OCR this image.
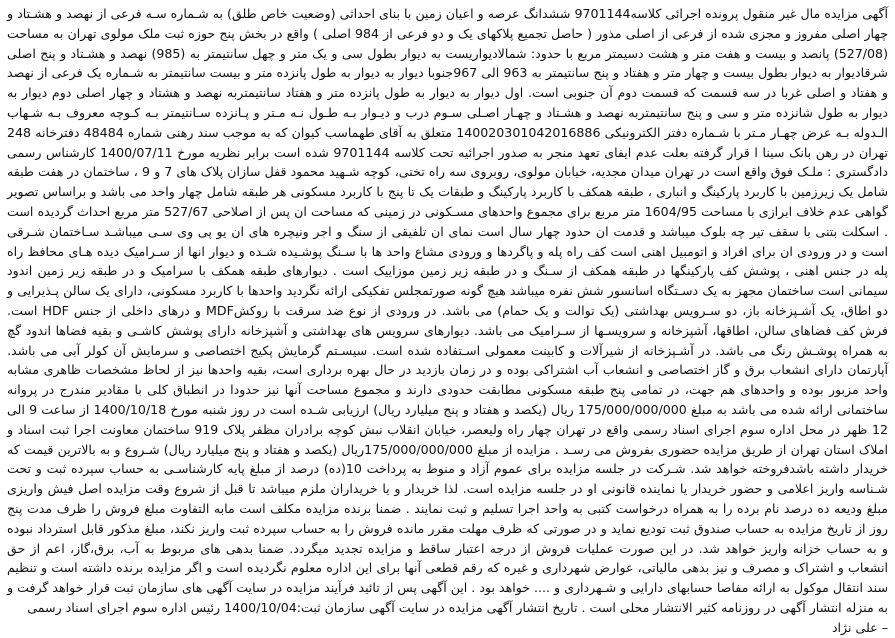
آگهی مزایده مال غیر منقول پرونده اجرائی کلاسه9701144 ششدانگ عرصه و اعیان زمین با بنای احداثی (وضعیت خاص طلق) به شـماره سـه فرعی از نهصد و هشـتاد و چهار اصلی مفروز و مجزی شده از فرعی از اصلی مذور ( حاصل تجمیع پلاکهای یک و دو فرعی از 984 اصلی ) واقع در بخش پنج حوزه ثبت ملک مولوی تهران به مساحت (527/08) پانصد و بیست و هفت متر و هشت دسیمتر مربع با حدود: شمالادیواریست به دیوار بطول سی و یک متر و چهل سانتیمتر به (985) نهصد و هشـتاد و پنج اصلی شرقادیوار به دیوار بطول بیست و چهار متر و هفتاد و پنج سانتیمتر به 963 الی 967جنوبا دیوار به دیوار به طول پانزده متر و بیست سانتیمتر به شـماره یک فرعی از نهصد و هفتاد و اصلی غربا در سه قسمت که قسمت دوم آن جنوبی است. اول دیوار به دیوار به طول پانزده متر و هفتاد سانتیمتربه نهصد و هشتاد و چهار اصلی دوم دیوار به دیوار به طول شانزده متر و سی و پنج سانتیمتربه نهصد و هشـتاد و چهـار اصـلی سـوم درب و دیـوار بـه طـول نـه مـتر و پـانزده سـانتیمتر بـه کـوچه معروف بـه شـهاب الـدوله بـه عرض چهـار مـتر با شـماره دفتر الکترونیکی 140020301042016886 متعلق به آقای طهماسب کیوان که به موجب سند رهنی شماره 48484 دفترخانه 248 تهران در رهن بانک سینا ا قرار گرفته بعلت عدم ایفای تعهد منجر به صدور اجرائیه تحت کلاسه 9701144 شده است برابر نظریه مورخ 1400/07/11 کارشناس رسمی دادگستری : ملـک فوق واقع است در تهران میدان مجدیه، خیابان مولوی، روبروی سه راه تختی، کوچه شـهید محمود قفل سازان پلاک های 7 و 9 ، ساختمان در هفت طبقه شامل یک زیرزمین با کاربرد پارکینگ و انباری ، طبقه همکف با کاربرد پارکینگ و طبقات یک تا پنج با کاربرد مسکونی هر طبقه شامل چهار واحد می باشد و براساس تصویر گواهی عدم خلاف ابرازی با مساحت 1604/95 متر مربع برای مجموع واحدهای مسـکونی در زمینی که مساحت ان پس از اصلاحی 527/67 متر مربع احداث گردیده است . اسکلت بتنی با سقف تیر چه بلوک میباشد و قدمت ان حدود چهار سال است نمای ان تلفیقی از سنگ و اجر ونیچره های ان یو پی وی سـی میباشـد سـاختمان شـرقی است و در ورودی ان برای افراد و اتومبیل اهنی است کف راه پله و پاگردها و ورودی مشاع واحد ها با سـنگ پوشـیده شـده و دیوار انها از سـرامیک دیده هـای محافظ راه پله در جنس اهنی ، پوشش کف پارکینگها در طبقه همکف از سـنگ و در طبقه زیر زمین موزاییک است . دیوارهای طبقه همکف با سرامیک و در طبقه زیر زمین اندود سیمانی است ساختمان مجهز به یک دسـتگاه اسانسور شش نفره میباشد هیچ گونه صورتمجلس تفکیکی ارائه نگردید واحدها با کاربرد مسکونی، دارای یک سالن پـذیرایی و دو اطاق، یک آشـپزخانه باز، دو سـرویس بهداشتی (یک توالت و یک حمام) می باشد. در ورودی از نوع ضد سرقت با روکشMDF و درهای داخلی از جنس HDF است. فرش کف فضاهای سالن، اطاقها، آشپزخانه و سرویسـها از سـرامیک می باشد. دیوارهای سرویس های بهداشتی و آشپزخانه دارای پوشش کاشـی و بقیه فضاها اندود گچ به همراه پوشـش رنگ می باشد. در آشـپزخانه از شیرآلات و کابینت معمولی اسـتفاده شده است. سیسـتم گرمایش پکیج اختصاصی و سرمایش آن کولر آبی می باشد. آپارتمان دارای انشعاب برق و گاز اختصاصی و انشعاب آب اشتراکی بوده و در زمان بازدید در حال بهره برداری است، بقیه واحدها نیز از لحاظ مشخصات ظاهری مشابه واحد مزبور بوده و واحدهای هم جهت، در تمامی پنج طبقه مسکونی مطابقت حدودی دارند و مجموع مساحت آنها نیز حدودا در انطباق کلی با مقادیر مندرج در پروانه ساختمانی ارائه شده می باشد به مبلغ 175/000/000/000 ریال (یکصد و هفتاد و پنج میلیارد ریال) ارزیابی شـده است در روز شنبه مورخ 1400/10/18 از ساعت 9 الی 12 ظهر در محل اداره سوم اجرای اسناد رسمی واقع در تهران چهار راه ولیعصر، خیابان انقلاب نبش کوچه برادران مظفر پلاک 919 ساختمان معاونت اجرا ثبت اسناد و املاک استان تهران از طریق مزایده حضوری بفروش می رسـد . مزایده از مبلغ 175/000/000/000ریال (یکصد و هفتاد و پنج میلیارد ریال) شـروع و به بالاترین قیمت که خریدار داشته باشدفروخته خواهد شد. شـرکت در جلسه مزایده برای عموم آزاد و منوط به پرداخت 10(ده) درصد از مبلغ پایه کارشناسـی به حساب سپرده ثبت و تحت شـناسه واریز اعلامی و حضور خریدار یا نماینده قانونی او در جلسه مزایده است. لذا خریدار و یا خریداران ملزم میباشد تا قبل از شروع وقت مزایده اصل فیش واریزی مبلغ ودیعه ده درصد نام برده را به همراه درخواست کتبی به واحد اجرا تسلیم و ثبت نمایند . ضمنا برنده مزایده مکلف است مابه التفاوت مبلغ فروش را ظرف مدت پنج روز از تاریخ مزایده به حساب صندوق ثبت تودیع نماید و در صورتی که ظرف مهلت مقرر مانده فروش را به حساب سپرده ثبت واریز نکند، مبلغ مذکور قابل استرداد نبوده و به حساب خزانه واریز خواهد شد. در این صورت عملیات فروش از درجه اعتبار ساقط و مزایده تجدید میگردد. ضمنا بدهی های مربوط به آب، برق،گاز، اعم از حق انشعاب و اشتراک و مصرف و نیز بدهی مالیاتی، عوارض شهرداری و غیره که رقم قطعی آنها برای این اداره معلوم نگردیده است و اگر مزایده برنده داشته است و تنظیم سند انتقال موکول به ارائه مفاصا حسابهای دارایی و شـهرداری و .... خواهد بود . این آگهی پس از تائید فرآیند مزایده در سایت آگهی های سازمان ثبت قرار خواهد گرفت و به منزله انتشار آگهی در روزنامه کثیر الانتشار محلی است . تاریخ انتشار آگهی مزایده در سایت آگهی سازمان ثبت:1400/10/04 رئیس اداره سوم اجرای اسناد رسمی

– علی نژاد
